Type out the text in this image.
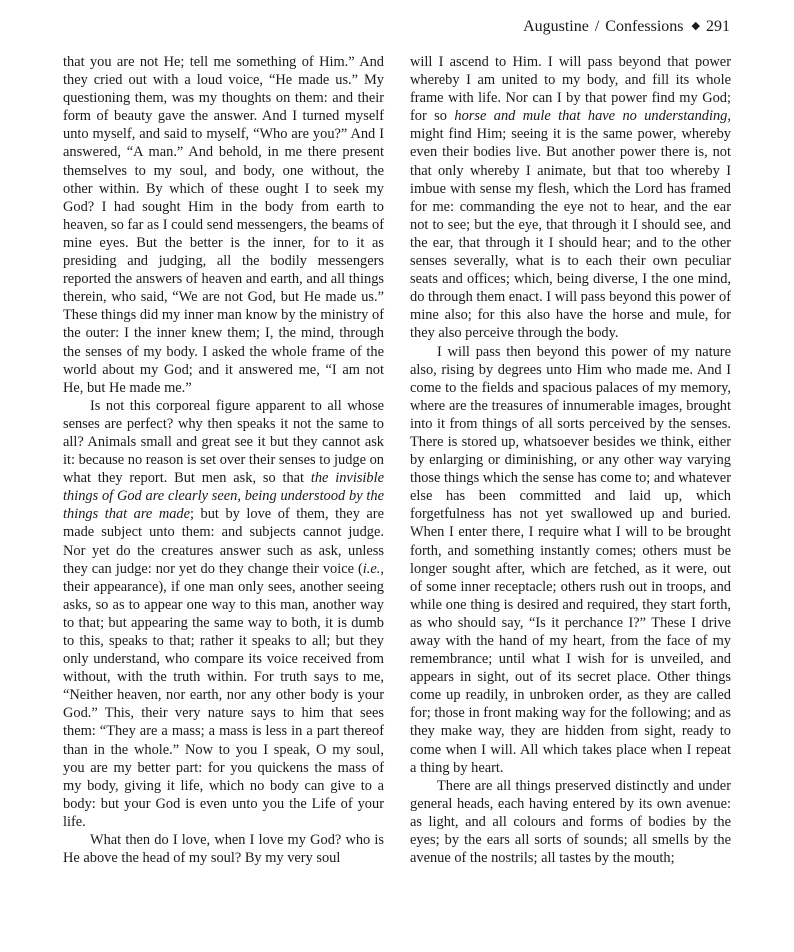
Augustine / Confessions ◆ 291

that you are not He; tell me something of Him.” And they cried out with a loud voice, “He made us.” My questioning them, was my thoughts on them: and their form of beauty gave the answer. And I turned myself unto myself, and said to myself, “Who are you?” And I answered, “A man.” And behold, in me there present themselves to my soul, and body, one without, the other within. By which of these ought I to seek my God? I had sought Him in the body from earth to heaven, so far as I could send messengers, the beams of mine eyes. But the better is the inner, for to it as presiding and judging, all the bodily messengers reported the answers of heaven and earth, and all things therein, who said, “We are not God, but He made us.” These things did my inner man know by the ministry of the outer: I the inner knew them; I, the mind, through the senses of my body. I asked the whole frame of the world about my God; and it answered me, “I am not He, but He made me.”

Is not this corporeal figure apparent to all whose senses are perfect? why then speaks it not the same to all? Animals small and great see it but they cannot ask it: because no reason is set over their senses to judge on what they report. But men ask, so that the invisible things of God are clearly seen, being understood by the things that are made; but by love of them, they are made subject unto them: and subjects cannot judge. Nor yet do the creatures answer such as ask, unless they can judge: nor yet do they change their voice (i.e., their appearance), if one man only sees, another seeing asks, so as to appear one way to this man, another way to that; but appearing the same way to both, it is dumb to this, speaks to that; rather it speaks to all; but they only understand, who compare its voice received from without, with the truth within. For truth says to me, “Neither heaven, nor earth, nor any other body is your God.” This, their very nature says to him that sees them: “They are a mass; a mass is less in a part thereof than in the whole.” Now to you I speak, O my soul, you are my better part: for you quickens the mass of my body, giving it life, which no body can give to a body: but your God is even unto you the Life of your life.

What then do I love, when I love my God? who is He above the head of my soul? By my very soul

will I ascend to Him. I will pass beyond that power whereby I am united to my body, and fill its whole frame with life. Nor can I by that power find my God; for so horse and mule that have no understanding, might find Him; seeing it is the same power, whereby even their bodies live. But another power there is, not that only whereby I animate, but that too whereby I imbue with sense my flesh, which the Lord has framed for me: commanding the eye not to hear, and the ear not to see; but the eye, that through it I should see, and the ear, that through it I should hear; and to the other senses severally, what is to each their own peculiar seats and offices; which, being diverse, I the one mind, do through them enact. I will pass beyond this power of mine also; for this also have the horse and mule, for they also perceive through the body.

I will pass then beyond this power of my nature also, rising by degrees unto Him who made me. And I come to the fields and spacious palaces of my memory, where are the treasures of innumerable images, brought into it from things of all sorts perceived by the senses. There is stored up, whatsoever besides we think, either by enlarging or diminishing, or any other way varying those things which the sense has come to; and whatever else has been committed and laid up, which forgetfulness has not yet swallowed up and buried. When I enter there, I require what I will to be brought forth, and something instantly comes; others must be longer sought after, which are fetched, as it were, out of some inner receptacle; others rush out in troops, and while one thing is desired and required, they start forth, as who should say, “Is it perchance I?” These I drive away with the hand of my heart, from the face of my remembrance; until what I wish for is unveiled, and appears in sight, out of its secret place. Other things come up readily, in unbroken order, as they are called for; those in front making way for the following; and as they make way, they are hidden from sight, ready to come when I will. All which takes place when I repeat a thing by heart.

There are all things preserved distinctly and under general heads, each having entered by its own avenue: as light, and all colours and forms of bodies by the eyes; by the ears all sorts of sounds; all smells by the avenue of the nostrils; all tastes by the mouth;
